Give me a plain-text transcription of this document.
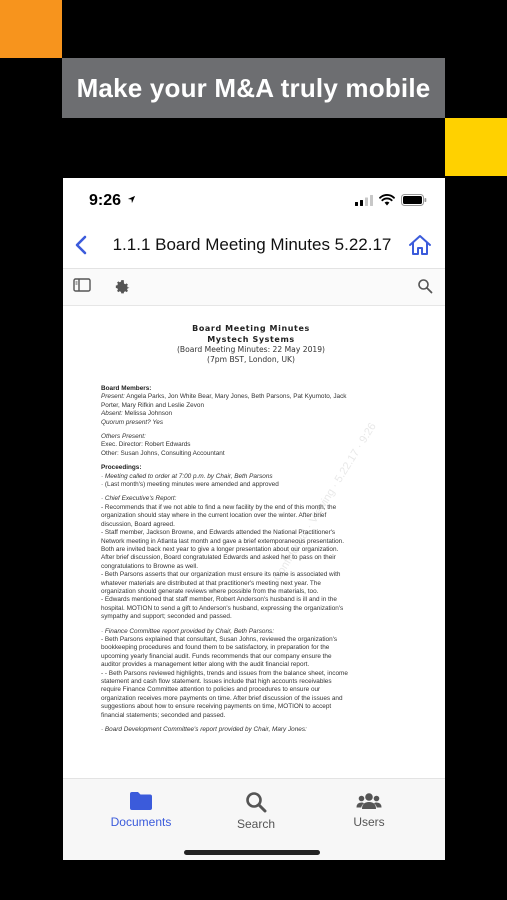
Make your M&A truly mobile
9:26
1.1.1 Board Meeting Minutes 5.22.17
Confidential · Viewing · 5.22.17 · 9:26
Board Meeting Minutes
Mystech Systems
(Board Meeting Minutes: 22 May 2019)
(7pm BST, London, UK)
Board Members:
Present: Angela Parks, Jon White Bear, Mary Jones, Beth Parsons, Pat Kyumoto, Jack
Porter, Mary Rifkin and Leslie Zevon
Absent: Melissa Johnson
Quorum present? Yes
Others Present:
Exec. Director: Robert Edwards
Other: Susan Johns, Consulting Accountant
Proceedings:
· Meeting called to order at 7:00 p.m. by Chair, Beth Parsons
· (Last month's) meeting minutes were amended and approved
· Chief Executive's Report:
- Recommends that if we not able to find a new facility by the end of this month, the
organization should stay where in the current location over the winter. After brief
discussion, Board agreed.
- Staff member, Jackson Browne, and Edwards attended the National Practitioner's
Network meeting in Atlanta last month and gave a brief extemporaneous presentation.
Both are invited back next year to give a longer presentation about our organization.
After brief discussion, Board congratulated Edwards and asked her to pass on their
congratulations to Browne as well.
- Beth Parsons asserts that our organization must ensure its name is associated with
whatever materials are distributed at that practitioner's meeting next year. The
organization should generate reviews where possible from the materials, too.
- Edwards mentioned that staff member, Robert Anderson's husband is ill and in the
hospital. MOTION to send a gift to Anderson's husband, expressing the organization's
sympathy and support; seconded and passed.
· Finance Committee report provided by Chair, Beth Parsons:
- Beth Parsons explained that consultant, Susan Johns, reviewed the organization's
bookkeeping procedures and found them to be satisfactory, in preparation for the
upcoming yearly financial audit. Funds recommends that our company ensure the
auditor provides a management letter along with the audit financial report.
- - Beth Parsons reviewed highlights, trends and issues from the balance sheet, income
statement and cash flow statement. Issues include that high accounts receivables
require Finance Committee attention to policies and procedures to ensure our
organization receives more payments on time. After brief discussion of the issues and
suggestions about how to ensure receiving payments on time, MOTION to accept
financial statements; seconded and passed.
· Board Development Committee's report provided by Chair, Mary Jones:
Documents	Search	Users
